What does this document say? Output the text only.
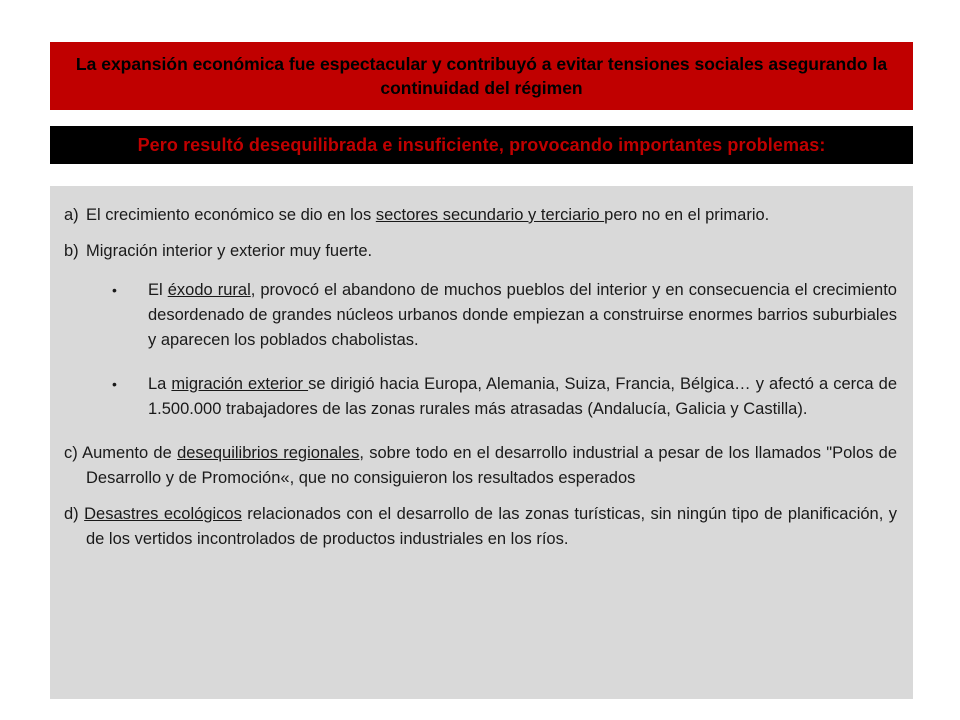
La expansión económica fue espectacular y contribuyó a evitar tensiones sociales asegurando la continuidad del régimen
Pero resultó desequilibrada e insuficiente, provocando importantes problemas:
a) El crecimiento económico se dio en los sectores secundario y terciario pero no en el primario.
b) Migración interior y exterior muy fuerte.
•	El éxodo rural, provocó el abandono de muchos pueblos del interior y en consecuencia el crecimiento desordenado de grandes núcleos urbanos donde empiezan a construirse enormes barrios suburbiales y aparecen los poblados chabolistas.
•	La migración exterior se dirigió hacia Europa, Alemania, Suiza, Francia, Bélgica… y afectó a cerca de 1.500.000 trabajadores de las zonas rurales más atrasadas (Andalucía, Galicia y Castilla).
c) Aumento de desequilibrios regionales, sobre todo en el desarrollo industrial a pesar de los llamados "Polos de Desarrollo y de Promoción«, que no consiguieron los resultados esperados
d) Desastres ecológicos relacionados con el desarrollo de las zonas turísticas, sin ningún tipo de planificación, y de los vertidos incontrolados de productos industriales en los ríos.
